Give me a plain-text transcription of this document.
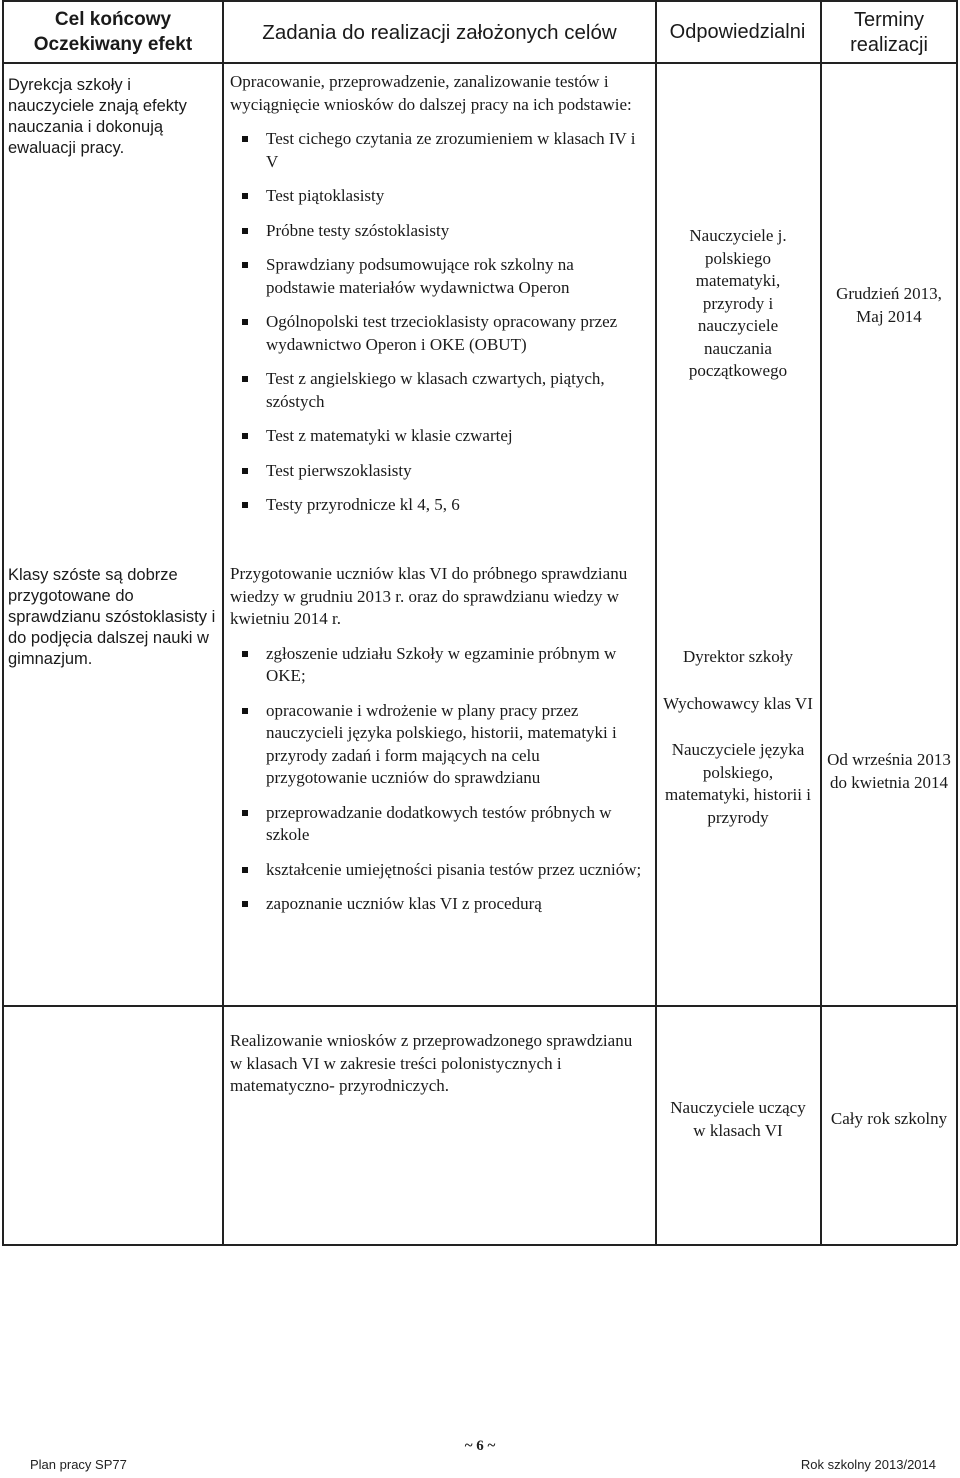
Cel końcowy
Oczekiwany efekt
Zadania do realizacji założonych celów	Odpowiedzialni
Terminy
realizacji
Dyrekcja szkoły i nauczyciele znają efekty nauczania i dokonują ewaluacji pracy.
Opracowanie, przeprowadzenie, zanalizowanie testów i wyciągnięcie wniosków do dalszej pracy na ich podstawie:
Test cichego czytania ze zrozumieniem w klasach IV i V
Test piątoklasisty
Próbne testy szóstoklasisty
Sprawdziany podsumowujące rok szkolny na podstawie materiałów wydawnictwa Operon
Ogólnopolski test trzecioklasisty opracowany przez wydawnictwo Operon i OKE (OBUT)
Test z angielskiego w klasach czwartych, piątych, szóstych
Test z matematyki w klasie czwartej
Test pierwszoklasisty
Testy przyrodnicze kl 4, 5, 6
Nauczyciele j. polskiego matematyki, przyrody i nauczyciele nauczania początkowego
Grudzień 2013, Maj 2014
Klasy szóste są dobrze przygotowane do sprawdzianu szóstoklasisty i do podjęcia dalszej nauki w gimnazjum.
Przygotowanie uczniów klas VI do próbnego sprawdzianu wiedzy w grudniu 2013 r. oraz do sprawdzianu wiedzy w kwietniu 2014 r.
zgłoszenie udziału Szkoły w egzaminie próbnym w OKE;
opracowanie i wdrożenie w plany pracy przez nauczycieli języka polskiego, historii, matematyki i przyrody zadań i form mających na celu przygotowanie uczniów do sprawdzianu
przeprowadzanie dodatkowych testów próbnych w szkole
kształcenie umiejętności pisania testów przez uczniów;
zapoznanie uczniów klas VI z procedurą
Dyrektor szkoły
Wychowawcy klas VI
Nauczyciele języka polskiego, matematyki, historii i przyrody
Od września 2013 do kwietnia 2014
Realizowanie wniosków z przeprowadzonego sprawdzianu w klasach VI w zakresie treści polonistycznych i matematyczno- przyrodniczych.
Nauczyciele uczący w klasach VI
Cały rok szkolny
~ 6 ~
Plan pracy SP77	Rok szkolny 2013/2014
